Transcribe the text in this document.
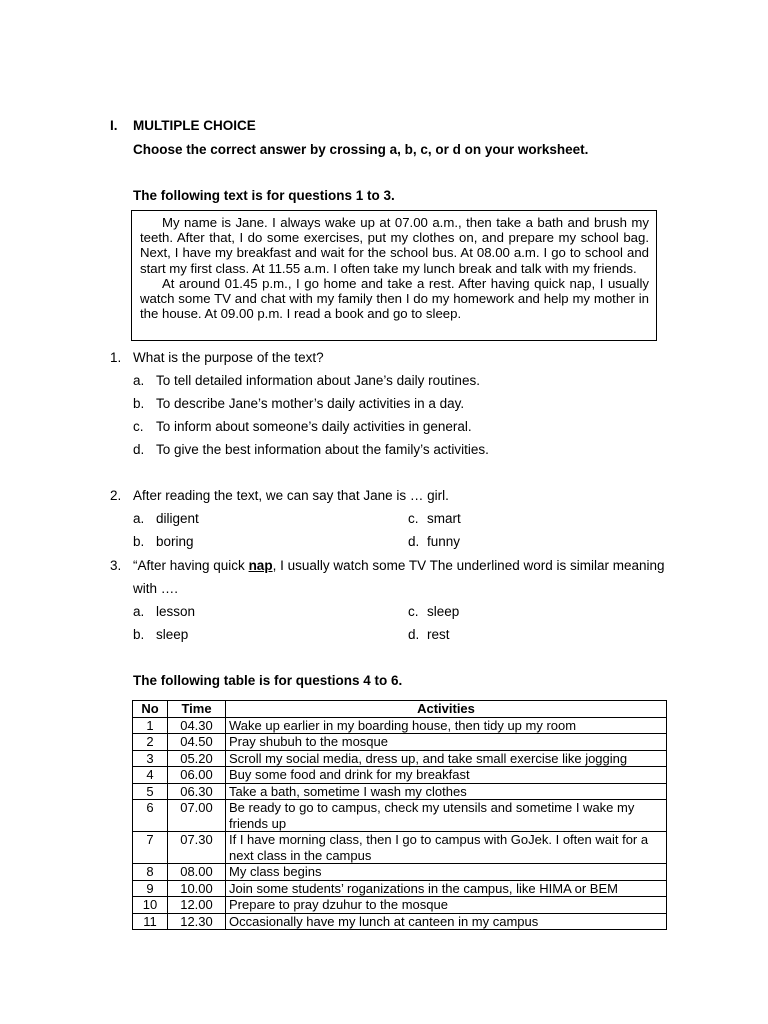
I. MULTIPLE CHOICE
Choose the correct answer by crossing a, b, c, or d on your worksheet.
The following text is for questions 1 to 3.

My name is Jane. I always wake up at 07.00 a.m., then take a bath and brush my teeth. After that, I do some exercises, put my clothes on, and prepare my school bag. Next, I have my breakfast and wait for the school bus. At 08.00 a.m. I go to school and start my first class. At 11.55 a.m. I often take my lunch break and talk with my friends.

At around 01.45 p.m., I go home and take a rest. After having quick nap, I usually watch some TV and chat with my family then I do my homework and help my mother in the house. At 09.00 p.m. I read a book and go to sleep.

1. What is the purpose of the text?
a. To tell detailed information about Jane’s daily routines.
b. To describe Jane’s mother’s daily activities in a day.
c. To inform about someone’s daily activities in general.
d. To give the best information about the family’s activities.
2. After reading the text, we can say that Jane is … girl.
a. diligent
b. boring
c. smart
d. funny
3. “After having quick nap, I usually watch some TV The underlined word is similar meaning
with ….
a. lesson
b. sleep
c. sleep
d. rest
The following table is for questions 4 to 6.
No	Time	Activities
1	04.30	Wake up earlier in my boarding house, then tidy up my room
2	04.50	Pray shubuh to the mosque
3	05.20	Scroll my social media, dress up, and take small exercise like jogging
4	06.00	Buy some food and drink for my breakfast
5	06.30	Take a bath, sometime I wash my clothes
6	07.00	Be ready to go to campus, check my utensils and sometime I wake my friends up
7	07.30	If I have morning class, then I go to campus with GoJek. I often wait for a next class in the campus
8	08.00	My class begins
9	10.00	Join some students’ roganizations in the campus, like HIMA or BEM
10	12.00	Prepare to pray dzuhur to the mosque
11	12.30	Occasionally have my lunch at canteen in my campus
